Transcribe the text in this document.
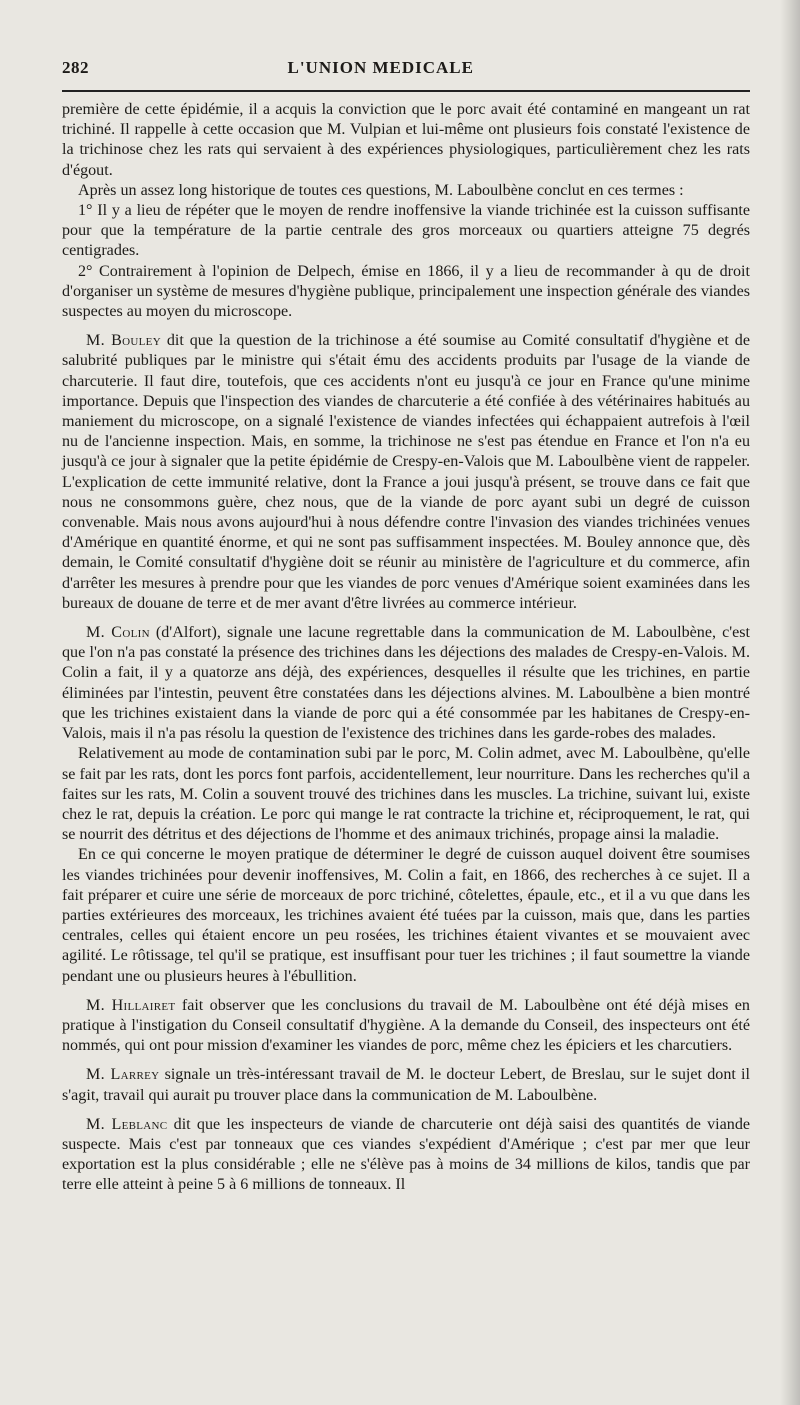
282	L'UNION MEDICALE

première de cette épidémie, il a acquis la conviction que le porc avait été contaminé en mangeant un rat trichiné. Il rappelle à cette occasion que M. Vulpian et lui-même ont plusieurs fois constaté l'existence de la trichinose chez les rats qui servaient à des expériences physiologiques, particulièrement chez les rats d'égout.

Après un assez long historique de toutes ces questions, M. Laboulbène conclut en ces termes :

1° Il y a lieu de répéter que le moyen de rendre inoffensive la viande trichinée est la cuisson suffisante pour que la température de la partie centrale des gros morceaux ou quartiers atteigne 75 degrés centigrades.

2° Contrairement à l'opinion de Delpech, émise en 1866, il y a lieu de recommander à qu de droit d'organiser un système de mesures d'hygiène publique, principalement une inspection générale des viandes suspectes au moyen du microscope.

M. Bouley dit que la question de la trichinose a été soumise au Comité consultatif d'hygiène et de salubrité publiques par le ministre qui s'était ému des accidents produits par l'usage de la viande de charcuterie. Il faut dire, toutefois, que ces accidents n'ont eu jusqu'à ce jour en France qu'une minime importance. Depuis que l'inspection des viandes de charcuterie a été confiée à des vétérinaires habitués au maniement du microscope, on a signalé l'existence de viandes infectées qui échappaient autrefois à l'œil nu de l'ancienne inspection. Mais, en somme, la trichinose ne s'est pas étendue en France et l'on n'a eu jusqu'à ce jour à signaler que la petite épidémie de Crespy-en-Valois que M. Laboulbène vient de rappeler. L'explication de cette immunité relative, dont la France a joui jusqu'à présent, se trouve dans ce fait que nous ne consommons guère, chez nous, que de la viande de porc ayant subi un degré de cuisson convenable. Mais nous avons aujourd'hui à nous défendre contre l'invasion des viandes trichinées venues d'Amérique en quantité énorme, et qui ne sont pas suffisamment inspectées. M. Bouley annonce que, dès demain, le Comité consultatif d'hygiène doit se réunir au ministère de l'agriculture et du commerce, afin d'arrêter les mesures à prendre pour que les viandes de porc venues d'Amérique soient examinées dans les bureaux de douane de terre et de mer avant d'être livrées au commerce intérieur.

M. Colin (d'Alfort), signale une lacune regrettable dans la communication de M. Laboulbène, c'est que l'on n'a pas constaté la présence des trichines dans les déjections des malades de Crespy-en-Valois. M. Colin a fait, il y a quatorze ans déjà, des expériences, desquelles il résulte que les trichines, en partie éliminées par l'intestin, peuvent être constatées dans les déjections alvines. M. Laboulbène a bien montré que les trichines existaient dans la viande de porc qui a été consommée par les habitanes de Crespy-en-Valois, mais il n'a pas résolu la question de l'existence des trichines dans les garde-robes des malades.

Relativement au mode de contamination subi par le porc, M. Colin admet, avec M. Laboulbène, qu'elle se fait par les rats, dont les porcs font parfois, accidentellement, leur nourriture. Dans les recherches qu'il a faites sur les rats, M. Colin a souvent trouvé des trichines dans les muscles. La trichine, suivant lui, existe chez le rat, depuis la création. Le porc qui mange le rat contracte la trichine et, réciproquement, le rat, qui se nourrit des détritus et des déjections de l'homme et des animaux trichinés, propage ainsi la maladie.

En ce qui concerne le moyen pratique de déterminer le degré de cuisson auquel doivent être soumises les viandes trichinées pour devenir inoffensives, M. Colin a fait, en 1866, des recherches à ce sujet. Il a fait préparer et cuire une série de morceaux de porc trichiné, côtelettes, épaule, etc., et il a vu que dans les parties extérieures des morceaux, les trichines avaient été tuées par la cuisson, mais que, dans les parties centrales, celles qui étaient encore un peu rosées, les trichines étaient vivantes et se mouvaient avec agilité. Le rôtissage, tel qu'il se pratique, est insuffisant pour tuer les trichines ; il faut soumettre la viande pendant une ou plusieurs heures à l'ébullition.

M. Hillairet fait observer que les conclusions du travail de M. Laboulbène ont été déjà mises en pratique à l'instigation du Conseil consultatif d'hygiène. A la demande du Conseil, des inspecteurs ont été nommés, qui ont pour mission d'examiner les viandes de porc, même chez les épiciers et les charcutiers.

M. Larrey signale un très-intéressant travail de M. le docteur Lebert, de Breslau, sur le sujet dont il s'agit, travail qui aurait pu trouver place dans la communication de M. Laboulbène.

M. Leblanc dit que les inspecteurs de viande de charcuterie ont déjà saisi des quantités de viande suspecte. Mais c'est par tonneaux que ces viandes s'expédient d'Amérique ; c'est par mer que leur exportation est la plus considérable ; elle ne s'élève pas à moins de 34 millions de kilos, tandis que par terre elle atteint à peine 5 à 6 millions de tonneaux. Il
